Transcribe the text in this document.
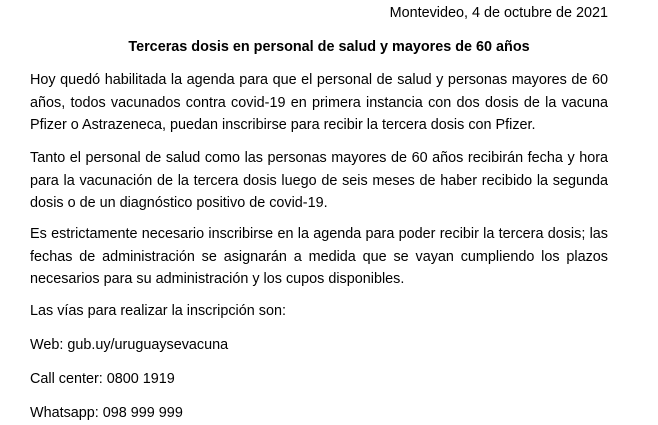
Montevideo, 4 de octubre de 2021
Terceras dosis en personal de salud y mayores de 60 años

Hoy quedó habilitada la agenda para que el personal de salud y personas mayores de 60 años, todos vacunados contra covid-19 en primera instancia con dos dosis de la vacuna Pfizer o Astrazeneca, puedan inscribirse para recibir la tercera dosis con Pfizer.

Tanto el personal de salud como las personas mayores de 60 años recibirán fecha y hora para la vacunación de la tercera dosis luego de seis meses de haber recibido la segunda dosis o de un diagnóstico positivo de covid-19.

Es estrictamente necesario inscribirse en la agenda para poder recibir la tercera dosis; las fechas de administración se asignarán a medida que se vayan cumpliendo los plazos necesarios para su administración y los cupos disponibles.

Las vías para realizar la inscripción son:
Web: gub.uy/uruguaysevacuna
Call center: 0800 1919
Whatsapp: 098 999 999
